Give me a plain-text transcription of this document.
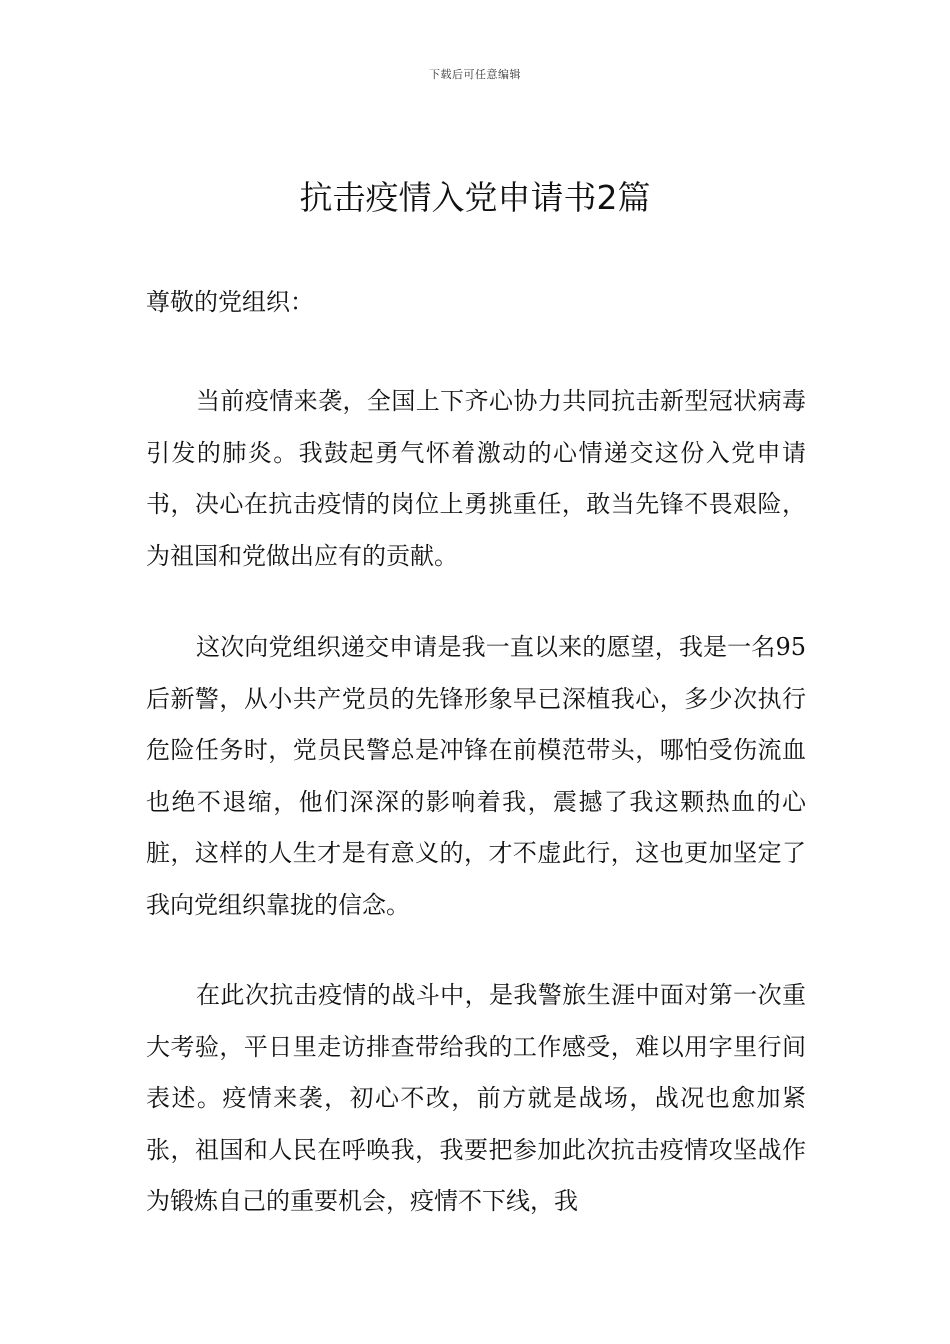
下载后可任意编辑
抗击疫情入党申请书2篇
尊敬的党组织：

当前疫情来袭，全国上下齐心协力共同抗击新型冠状病毒引发的肺炎。我鼓起勇气怀着激动的心情递交这份入党申请书，决心在抗击疫情的岗位上勇挑重任，敢当先锋不畏艰险，为祖国和党做出应有的贡献。

这次向党组织递交申请是我一直以来的愿望，我是一名95后新警，从小共产党员的先锋形象早已深植我心，多少次执行危险任务时，党员民警总是冲锋在前模范带头，哪怕受伤流血也绝不退缩，他们深深的影响着我，震撼了我这颗热血的心脏，这样的人生才是有意义的，才不虚此行，这也更加坚定了我向党组织靠拢的信念。

在此次抗击疫情的战斗中，是我警旅生涯中面对第一次重大考验，平日里走访排查带给我的工作感受，难以用字里行间表述。疫情来袭，初心不改，前方就是战场，战况也愈加紧张，祖国和人民在呼唤我，我要把参加此次抗击疫情攻坚战作为锻炼自己的重要机会，疫情不下线，我
